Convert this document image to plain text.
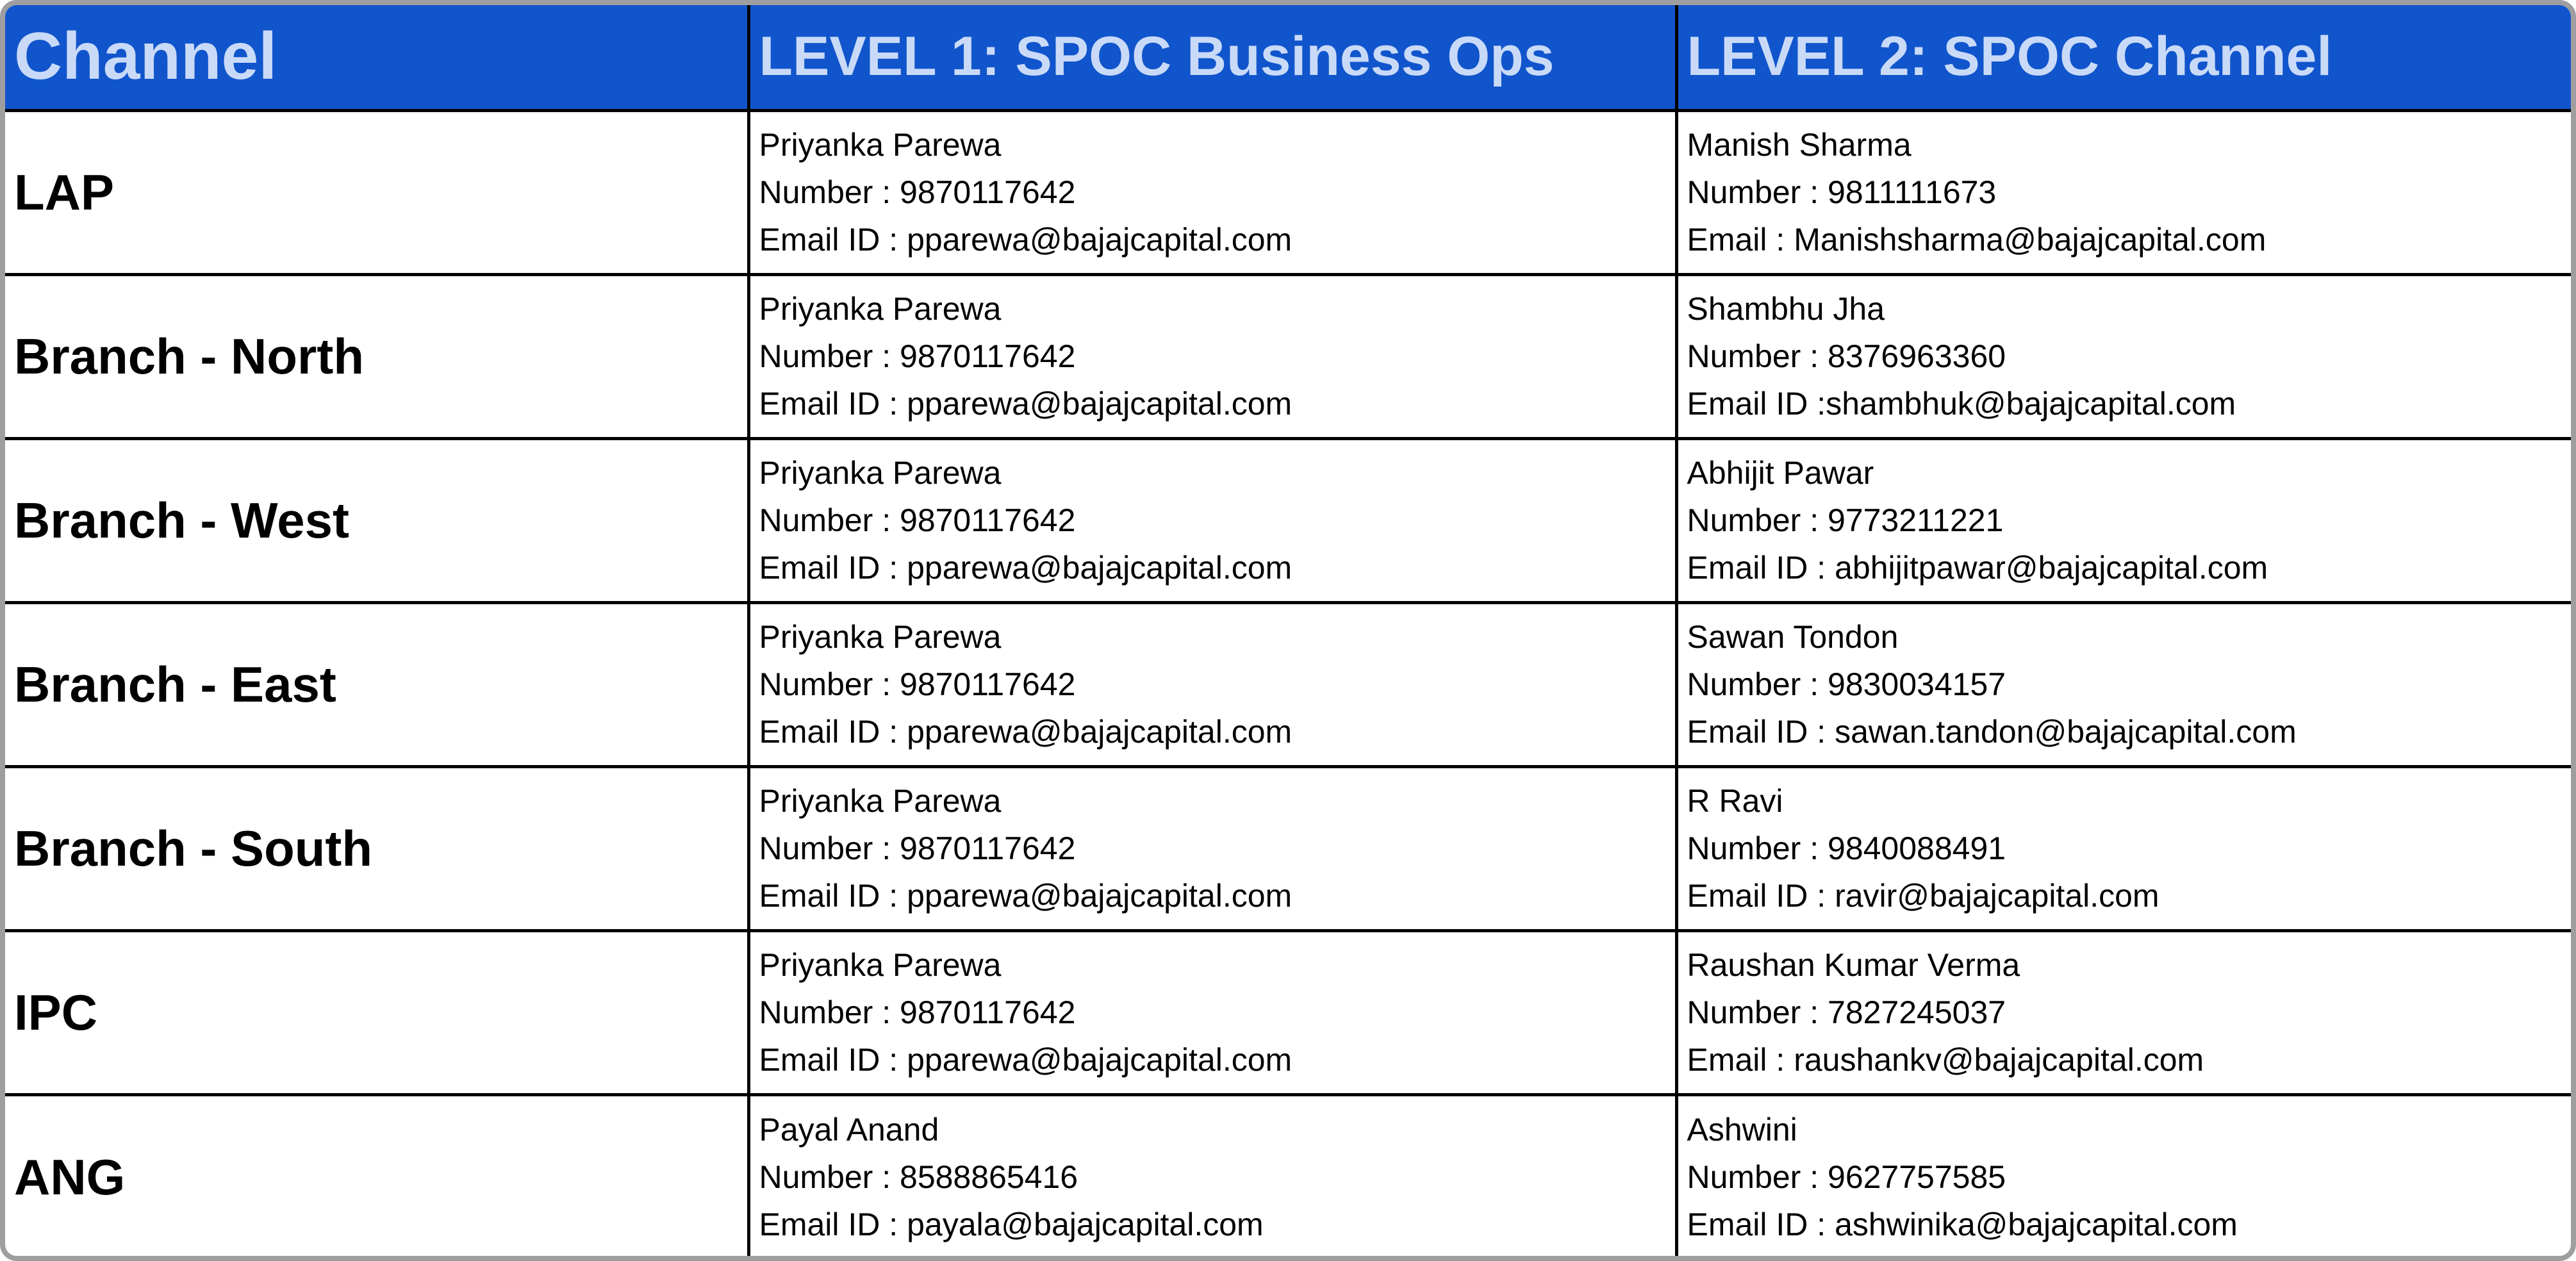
Channel	LEVEL 1: SPOC Business Ops	LEVEL 2: SPOC Channel
LAP	Priyanka Parewa
Number : 9870117642
Email ID : pparewa@bajajcapital.com	Manish Sharma
Number : 9811111673
Email : Manishsharma@bajajcapital.com

Branch - North	Priyanka Parewa
Number : 9870117642
Email ID : pparewa@bajajcapital.com	Shambhu Jha
Number : 8376963360
Email ID :shambhuk@bajajcapital.com

Branch - West	Priyanka Parewa
Number : 9870117642
Email ID : pparewa@bajajcapital.com	Abhijit Pawar
Number : 9773211221
Email ID : abhijitpawar@bajajcapital.com

Branch - East	Priyanka Parewa
Number : 9870117642
Email ID : pparewa@bajajcapital.com	Sawan Tondon
Number : 9830034157
Email ID : sawan.tandon@bajajcapital.com

Branch - South	Priyanka Parewa
Number : 9870117642
Email ID : pparewa@bajajcapital.com	R Ravi
Number : 9840088491
Email ID : ravir@bajajcapital.com

IPC	Priyanka Parewa
Number : 9870117642
Email ID : pparewa@bajajcapital.com	Raushan Kumar Verma
Number : 7827245037
Email : raushankv@bajajcapital.com

ANG	Payal Anand
Number : 8588865416
Email ID : payala@bajajcapital.com	Ashwini
Number : 9627757585
Email ID : ashwinika@bajajcapital.com
